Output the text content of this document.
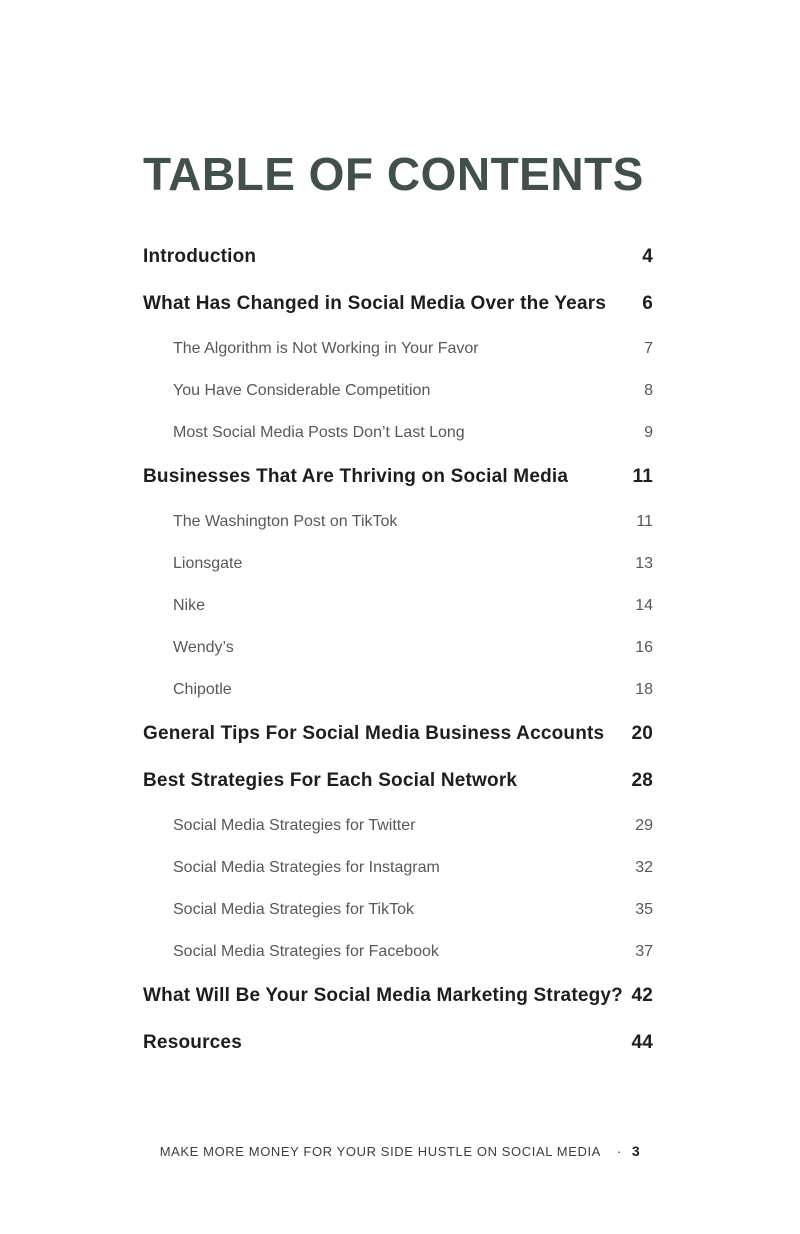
TABLE OF CONTENTS
Introduction	4
What Has Changed in Social Media Over the Years	6
The Algorithm is Not Working in Your Favor	7
You Have Considerable Competition	8
Most Social Media Posts Don’t Last Long	9
Businesses That Are Thriving on Social Media	11
The Washington Post on TikTok	11
Lionsgate	13
Nike	14
Wendy’s	16
Chipotle	18
General Tips For Social Media Business Accounts	20
Best Strategies For Each Social Network	28
Social Media Strategies for Twitter	29
Social Media Strategies for Instagram	32
Social Media Strategies for TikTok	35
Social Media Strategies for Facebook	37
What Will Be Your Social Media Marketing Strategy? 42
Resources	44
MAKE MORE MONEY FOR YOUR SIDE HUSTLE ON SOCIAL MEDIA · 3
